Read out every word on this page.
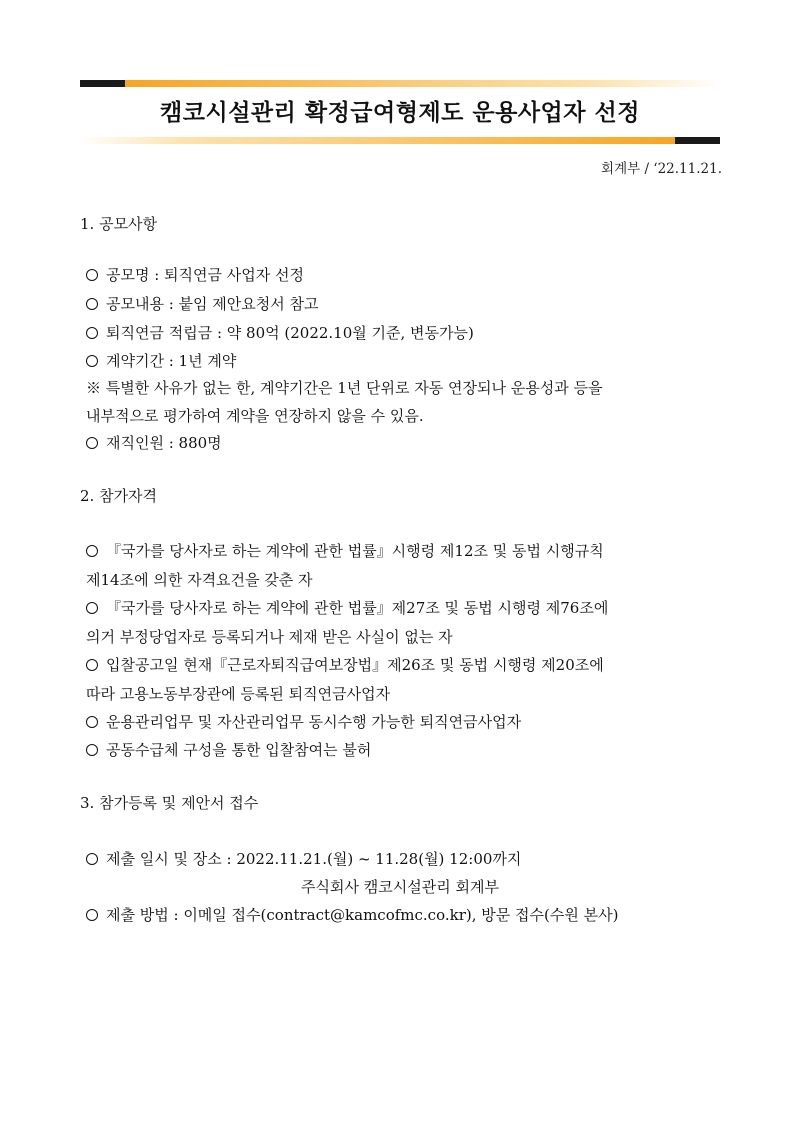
캠코시설관리 확정급여형제도 운용사업자 선정
회계부 / ‘22.11.21.
1. 공모사항
공모명 : 퇴직연금 사업자 선정
공모내용 : 붙임 제안요청서 참고
퇴직연금 적립금 : 약 80억 (2022.10월 기준, 변동가능)
계약기간 : 1년 계약
※ 특별한 사유가 없는 한, 계약기간은 1년 단위로 자동 연장되나 운용성과 등을
내부적으로 평가하여 계약을 연장하지 않을 수 있음.
재직인원 : 880명
2. 참가자격
『국가를 당사자로 하는 계약에 관한 법률』시행령 제12조 및 동법 시행규칙
제14조에 의한 자격요건을 갖춘 자
『국가를 당사자로 하는 계약에 관한 법률』제27조 및 동법 시행령 제76조에
의거 부정당업자로 등록되거나 제재 받은 사실이 없는 자
입찰공고일 현재『근로자퇴직급여보장법』제26조 및 동법 시행령 제20조에
따라 고용노동부장관에 등록된 퇴직연금사업자
운용관리업무 및 자산관리업무 동시수행 가능한 퇴직연금사업자
공동수급체 구성을 통한 입찰참여는 불허
3. 참가등록 및 제안서 접수
제출 일시 및 장소 : 2022.11.21.(월) ~ 11.28(월) 12:00까지
주식회사 캠코시설관리 회계부
제출 방법 : 이메일 접수(contract@kamcofmc.co.kr), 방문 접수(수원 본사)
